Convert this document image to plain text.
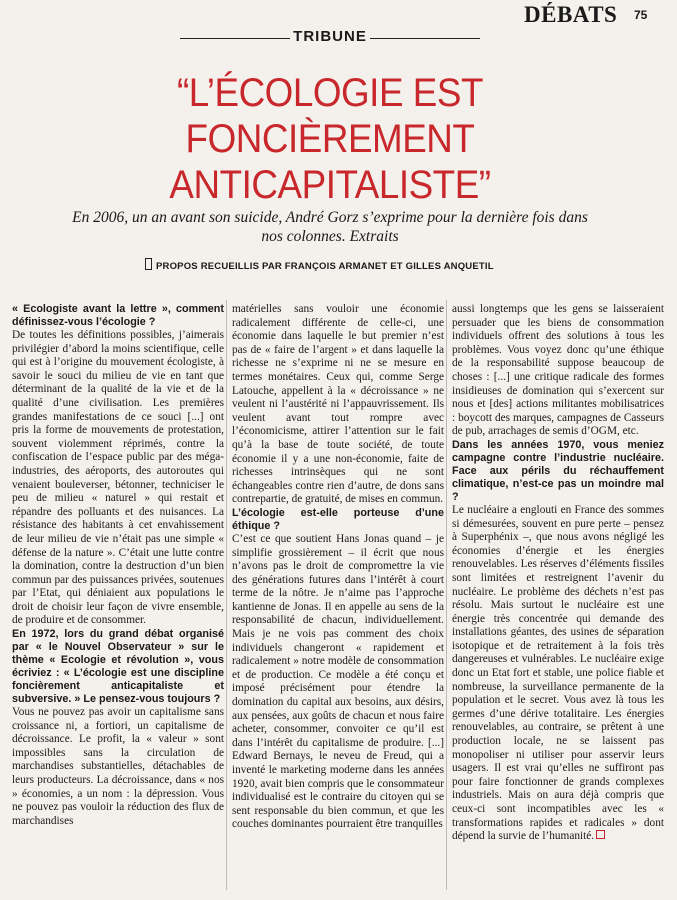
DÉBATS 75
TRIBUNE
“L’ÉCOLOGIE EST FONCIÈREMENT ANTICAPITALISTE”
En 2006, un an avant son suicide, André Gorz s’exprime pour la dernière fois dans nos colonnes. Extraits
PROPOS RECUEILLIS PAR FRANÇOIS ARMANET ET GILLES ANQUETIL

« Ecologiste avant la lettre », comment définissez-vous l’écologie ?

De toutes les définitions possibles, j’aimerais privilégier d’abord la moins scientifique, celle qui est à l’origine du mouvement écologiste, à savoir le souci du milieu de vie en tant que déterminant de la qualité de la vie et de la qualité d’une civilisation. Les premières grandes manifestations de ce souci [...] ont pris la forme de mouvements de protestation, souvent violemment réprimés, contre la confiscation de l’espace public par des méga-industries, des aéroports, des autoroutes qui venaient bouleverser, bétonner, techniciser le peu de milieu « naturel » qui restait et répandre des polluants et des nuisances. La résistance des habitants à cet envahissement de leur milieu de vie n’était pas une simple « défense de la nature ». C’était une lutte contre la domination, contre la destruction d’un bien commun par des puissances privées, soutenues par l’Etat, qui déniaient aux populations le droit de choisir leur façon de vivre ensemble, de produire et de consommer.

En 1972, lors du grand débat organisé par « le Nouvel Observateur » sur le thème « Ecologie et révolution », vous écriviez : « L’écologie est une discipline foncièrement anticapitaliste et subversive. » Le pensez-vous toujours ?

Vous ne pouvez pas avoir un capitalisme sans croissance ni, a fortiori, un capitalisme de décroissance. Le profit, la « valeur » sont impossibles sans la circulation de marchandises substantielles, détachables de leurs producteurs. La décroissance, dans « nos » économies, a un nom : la dépression. Vous ne pouvez pas vouloir la réduction des flux de marchandises

matérielles sans vouloir une économie radicalement différente de celle-ci, une économie dans laquelle le but premier n’est pas de « faire de l’argent » et dans laquelle la richesse ne s’exprime ni ne se mesure en termes monétaires. Ceux qui, comme Serge Latouche, appellent à la « décroissance » ne veulent ni l’austérité ni l’appauvrissement. Ils veulent avant tout rompre avec l’économicisme, attirer l’attention sur le fait qu’à la base de toute société, de toute économie il y a une non-économie, faite de richesses intrinsèques qui ne sont échangeables contre rien d’autre, de dons sans contrepartie, de gratuité, de mises en commun.

L’écologie est-elle porteuse d’une éthique ?

C’est ce que soutient Hans Jonas quand – je simplifie grossièrement – il écrit que nous n’avons pas le droit de compromettre la vie des générations futures dans l’intérêt à court terme de la nôtre. Je n’aime pas l’approche kantienne de Jonas. Il en appelle au sens de la responsabilité de chacun, individuellement. Mais je ne vois pas comment des choix individuels changeront « rapidement et radicalement » notre modèle de consommation et de production. Ce modèle a été conçu et imposé précisément pour étendre la domination du capital aux besoins, aux désirs, aux pensées, aux goûts de chacun et nous faire acheter, consommer, convoiter ce qu’il est dans l’intérêt du capitalisme de produire. [...] Edward Bernays, le neveu de Freud, qui a inventé le marketing moderne dans les années 1920, avait bien compris que le consommateur individualisé est le contraire du citoyen qui se sent responsable du bien commun, et que les couches dominantes pourraient être tranquilles

aussi longtemps que les gens se laisseraient persuader que les biens de consommation individuels offrent des solutions à tous les problèmes. Vous voyez donc qu’une éthique de la responsabilité suppose beaucoup de choses : [...] une critique radicale des formes insidieuses de domination qui s’exercent sur nous et [des] actions militantes mobilisatrices : boycott des marques, campagnes de Casseurs de pub, arrachages de semis d’OGM, etc.

Dans les années 1970, vous meniez campagne contre l’industrie nucléaire. Face aux périls du réchauffement climatique, n’est-ce pas un moindre mal ?

Le nucléaire a englouti en France des sommes si démesurées, souvent en pure perte – pensez à Superphénix –, que nous avons négligé les économies d’énergie et les énergies renouvelables. Les réserves d’éléments fissiles sont limitées et restreignent l’avenir du nucléaire. Le problème des déchets n’est pas résolu. Mais surtout le nucléaire est une énergie très concentrée qui demande des installations géantes, des usines de séparation isotopique et de retraitement à la fois très dangereuses et vulnérables. Le nucléaire exige donc un Etat fort et stable, une police fiable et nombreuse, la surveillance permanente de la population et le secret. Vous avez là tous les germes d’une dérive totalitaire. Les énergies renouvelables, au contraire, se prêtent à une production locale, ne se laissent pas monopoliser ni utiliser pour asservir leurs usagers. Il est vrai qu’elles ne suffiront pas pour faire fonctionner de grands complexes industriels. Mais on aura déjà compris que ceux-ci sont incompatibles avec les « transformations rapides et radicales » dont dépend la survie de l’humanité.
